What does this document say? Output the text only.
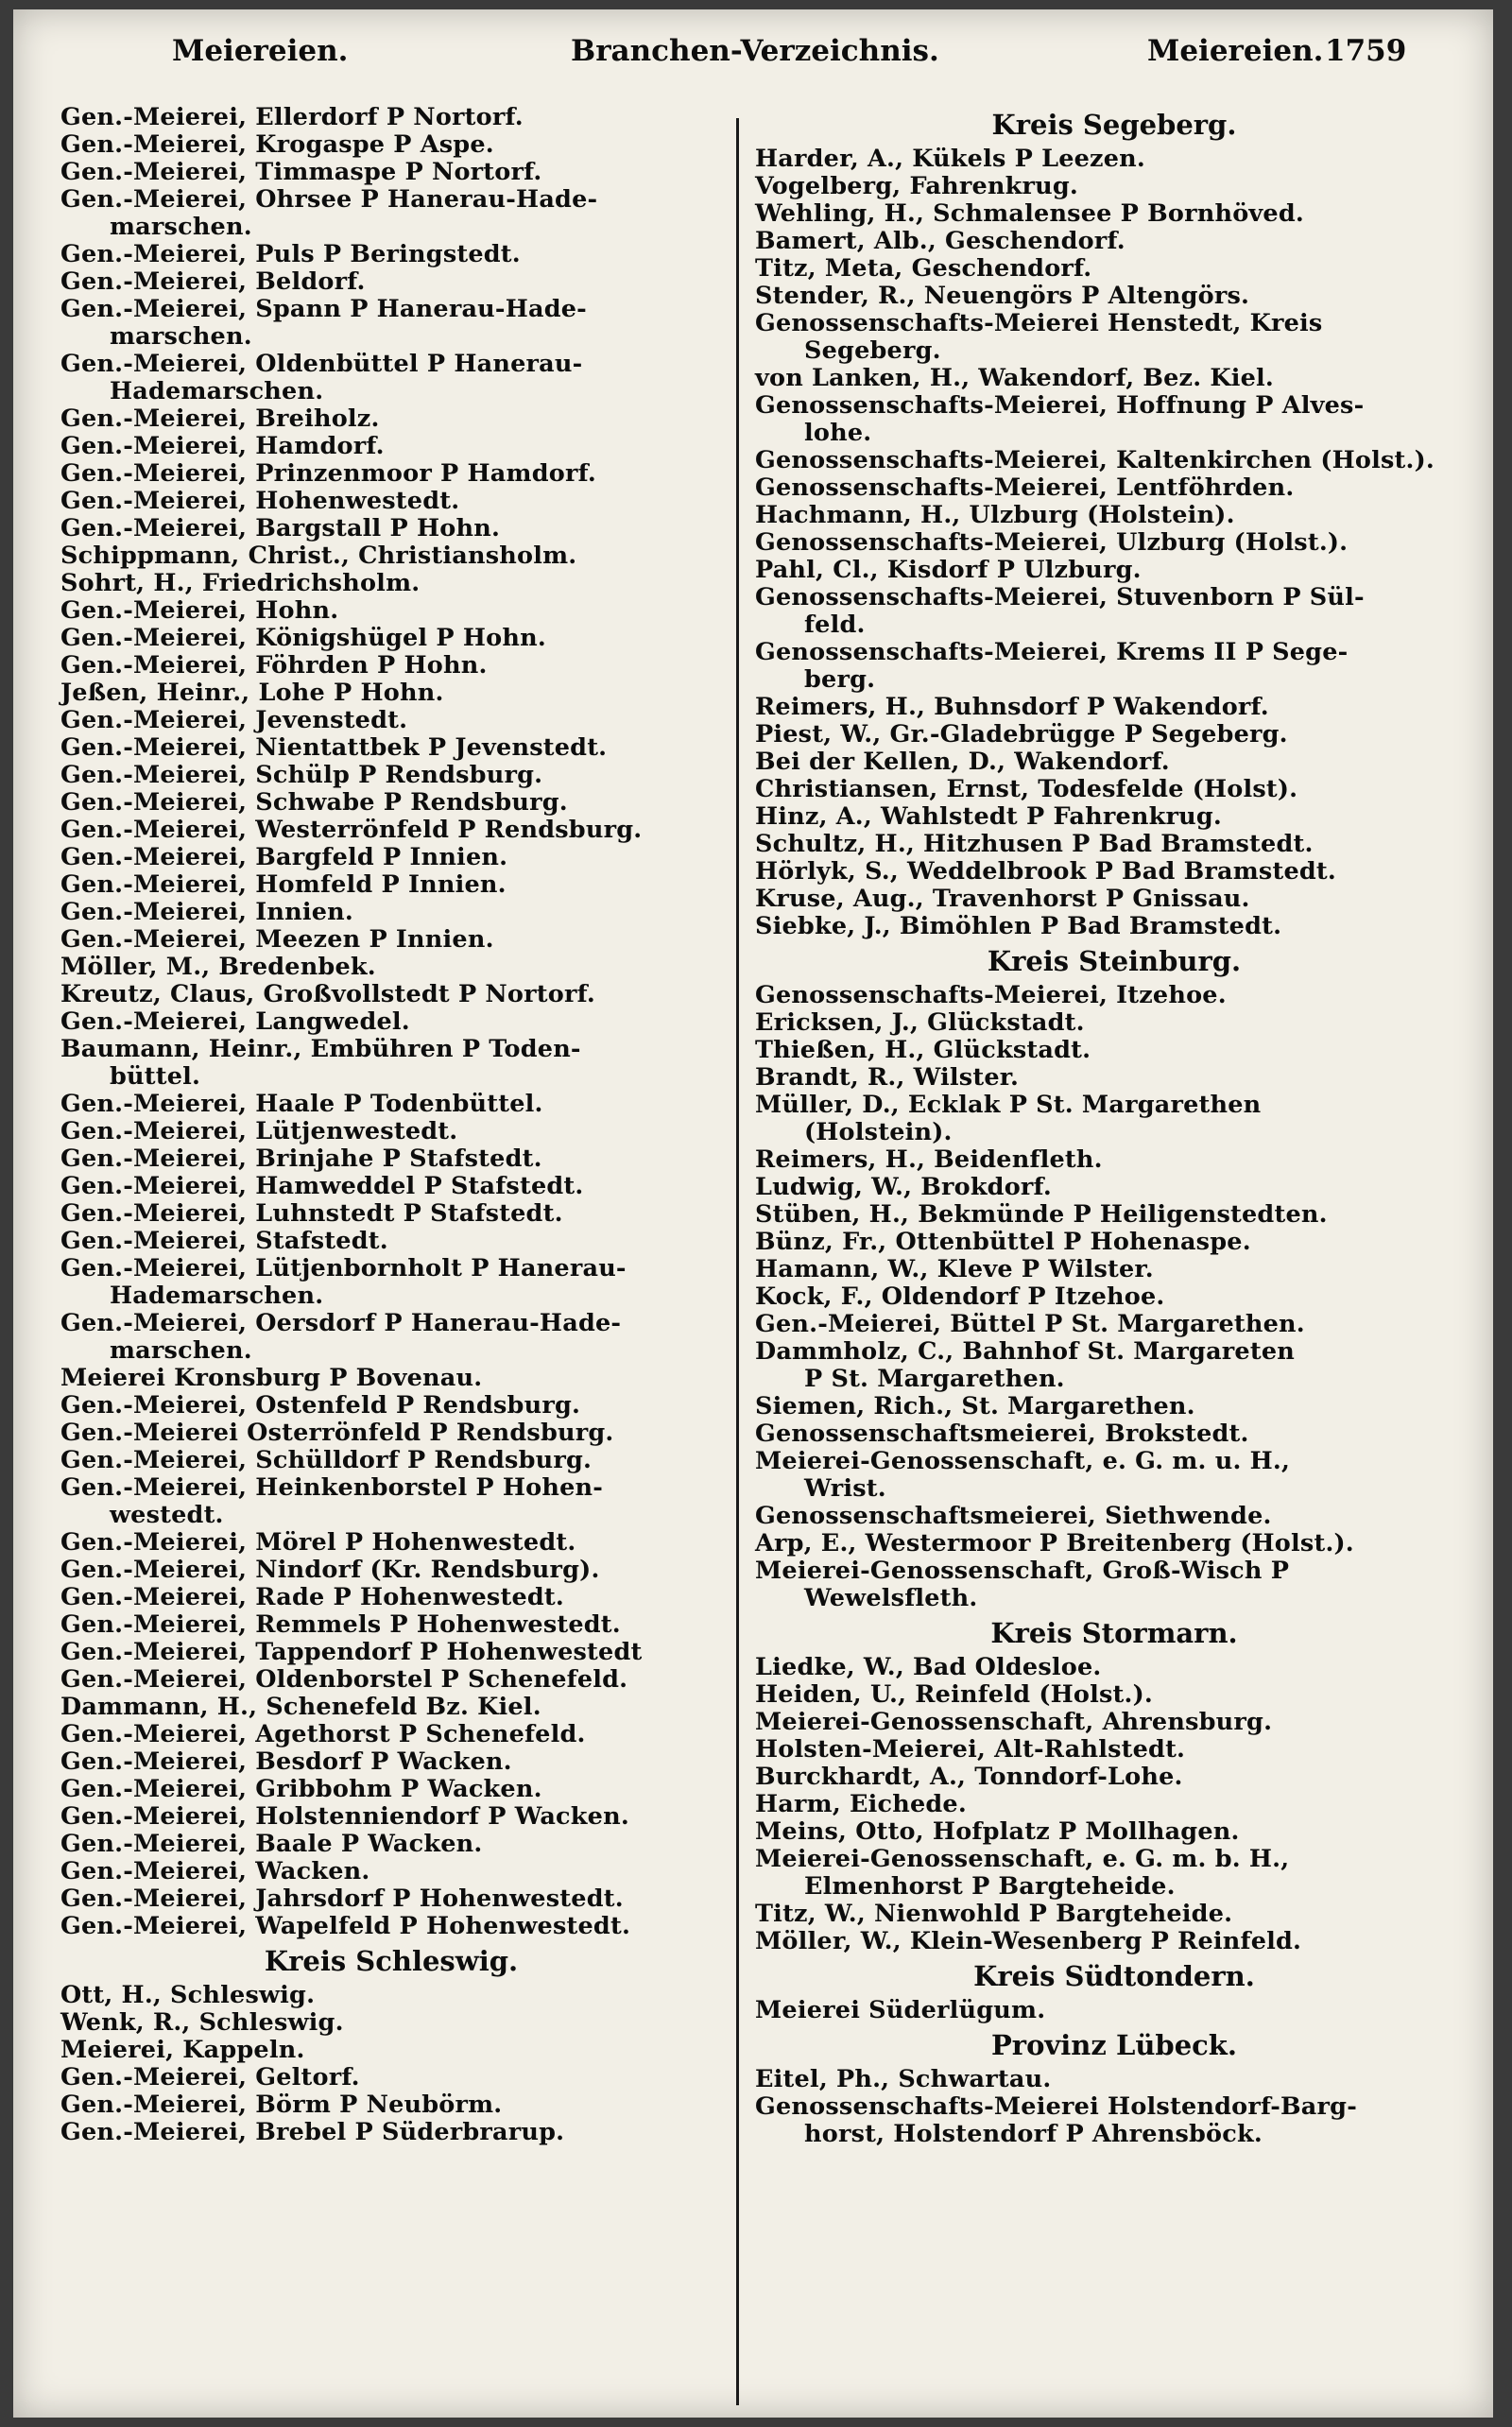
Meiereien.	Branchen-Verzeichnis.	Meiereien. 1759
Gen.-Meierei, Ellerdorf P Nortorf.
Gen.-Meierei, Krogaspe P Aspe.
Gen.-Meierei, Timmaspe P Nortorf.
Gen.-Meierei, Ohrsee P Hanerau-Hade-
marschen.
Gen.-Meierei, Puls P Beringstedt.
Gen.-Meierei, Beldorf.
Gen.-Meierei, Spann P Hanerau-Hade-
marschen.
Gen.-Meierei, Oldenbüttel P Hanerau-
Hademarschen.
Gen.-Meierei, Breiholz.
Gen.-Meierei, Hamdorf.
Gen.-Meierei, Prinzenmoor P Hamdorf.
Gen.-Meierei, Hohenwestedt.
Gen.-Meierei, Bargstall P Hohn.
Schippmann, Christ., Christiansholm.
Sohrt, H., Friedrichsholm.
Gen.-Meierei, Hohn.
Gen.-Meierei, Königshügel P Hohn.
Gen.-Meierei, Föhrden P Hohn.
Jeßen, Heinr., Lohe P Hohn.
Gen.-Meierei, Jevenstedt.
Gen.-Meierei, Nientattbek P Jevenstedt.
Gen.-Meierei, Schülp P Rendsburg.
Gen.-Meierei, Schwabe P Rendsburg.
Gen.-Meierei, Westerrönfeld P Rendsburg.
Gen.-Meierei, Bargfeld P Innien.
Gen.-Meierei, Homfeld P Innien.
Gen.-Meierei, Innien.
Gen.-Meierei, Meezen P Innien.
Möller, M., Bredenbek.
Kreutz, Claus, Großvollstedt P Nortorf.
Gen.-Meierei, Langwedel.
Baumann, Heinr., Embühren P Toden-
büttel.
Gen.-Meierei, Haale P Todenbüttel.
Gen.-Meierei, Lütjenwestedt.
Gen.-Meierei, Brinjahe P Stafstedt.
Gen.-Meierei, Hamweddel P Stafstedt.
Gen.-Meierei, Luhnstedt P Stafstedt.
Gen.-Meierei, Stafstedt.
Gen.-Meierei, Lütjenbornholt P Hanerau-
Hademarschen.
Gen.-Meierei, Oersdorf P Hanerau-Hade-
marschen.
Meierei Kronsburg P Bovenau.
Gen.-Meierei, Ostenfeld P Rendsburg.
Gen.-Meierei Osterrönfeld P Rendsburg.
Gen.-Meierei, Schülldorf P Rendsburg.
Gen.-Meierei, Heinkenborstel P Hohen-
westedt.
Gen.-Meierei, Mörel P Hohenwestedt.
Gen.-Meierei, Nindorf (Kr. Rendsburg).
Gen.-Meierei, Rade P Hohenwestedt.
Gen.-Meierei, Remmels P Hohenwestedt.
Gen.-Meierei, Tappendorf P Hohenwestedt
Gen.-Meierei, Oldenborstel P Schenefeld.
Dammann, H., Schenefeld Bz. Kiel.
Gen.-Meierei, Agethorst P Schenefeld.
Gen.-Meierei, Besdorf P Wacken.
Gen.-Meierei, Gribbohm P Wacken.
Gen.-Meierei, Holstenniendorf P Wacken.
Gen.-Meierei, Baale P Wacken.
Gen.-Meierei, Wacken.
Gen.-Meierei, Jahrsdorf P Hohenwestedt.
Gen.-Meierei, Wapelfeld P Hohenwestedt.
Kreis Schleswig.
Ott, H., Schleswig.
Wenk, R., Schleswig.
Meierei, Kappeln.
Gen.-Meierei, Geltorf.
Gen.-Meierei, Börm P Neubörm.
Gen.-Meierei, Brebel P Süderbrarup.
Kreis Segeberg.
Harder, A., Kükels P Leezen.
Vogelberg, Fahrenkrug.
Wehling, H., Schmalensee P Bornhöved.
Bamert, Alb., Geschendorf.
Titz, Meta, Geschendorf.
Stender, R., Neuengörs P Altengörs.
Genossenschafts-Meierei Henstedt, Kreis
Segeberg.
von Lanken, H., Wakendorf, Bez. Kiel.
Genossenschafts-Meierei, Hoffnung P Alves-
lohe.
Genossenschafts-Meierei, Kaltenkirchen (Holst.).
Genossenschafts-Meierei, Lentföhrden.
Hachmann, H., Ulzburg (Holstein).
Genossenschafts-Meierei, Ulzburg (Holst.).
Pahl, Cl., Kisdorf P Ulzburg.
Genossenschafts-Meierei, Stuvenborn P Sül-
feld.
Genossenschafts-Meierei, Krems II P Sege-
berg.
Reimers, H., Buhnsdorf P Wakendorf.
Piest, W., Gr.-Gladebrügge P Segeberg.
Bei der Kellen, D., Wakendorf.
Christiansen, Ernst, Todesfelde (Holst).
Hinz, A., Wahlstedt P Fahrenkrug.
Schultz, H., Hitzhusen P Bad Bramstedt.
Hörlyk, S., Weddelbrook P Bad Bramstedt.
Kruse, Aug., Travenhorst P Gnissau.
Siebke, J., Bimöhlen P Bad Bramstedt.
Kreis Steinburg.
Genossenschafts-Meierei, Itzehoe.
Ericksen, J., Glückstadt.
Thießen, H., Glückstadt.
Brandt, R., Wilster.
Müller, D., Ecklak P St. Margarethen
(Holstein).
Reimers, H., Beidenfleth.
Ludwig, W., Brokdorf.
Stüben, H., Bekmünde P Heiligenstedten.
Bünz, Fr., Ottenbüttel P Hohenaspe.
Hamann, W., Kleve P Wilster.
Kock, F., Oldendorf P Itzehoe.
Gen.-Meierei, Büttel P St. Margarethen.
Dammholz, C., Bahnhof St. Margareten
P St. Margarethen.
Siemen, Rich., St. Margarethen.
Genossenschaftsmeierei, Brokstedt.
Meierei-Genossenschaft, e. G. m. u. H.,
Wrist.
Genossenschaftsmeierei, Siethwende.
Arp, E., Westermoor P Breitenberg (Holst.).
Meierei-Genossenschaft, Groß-Wisch P
Wewelsfleth.
Kreis Stormarn.
Liedke, W., Bad Oldesloe.
Heiden, U., Reinfeld (Holst.).
Meierei-Genossenschaft, Ahrensburg.
Holsten-Meierei, Alt-Rahlstedt.
Burckhardt, A., Tonndorf-Lohe.
Harm, Eichede.
Meins, Otto, Hofplatz P Mollhagen.
Meierei-Genossenschaft, e. G. m. b. H.,
Elmenhorst P Bargteheide.
Titz, W., Nienwohld P Bargteheide.
Möller, W., Klein-Wesenberg P Reinfeld.
Kreis Südtondern.
Meierei Süderlügum.
Provinz Lübeck.
Eitel, Ph., Schwartau.
Genossenschafts-Meierei Holstendorf-Barg-
horst, Holstendorf P Ahrensböck.
